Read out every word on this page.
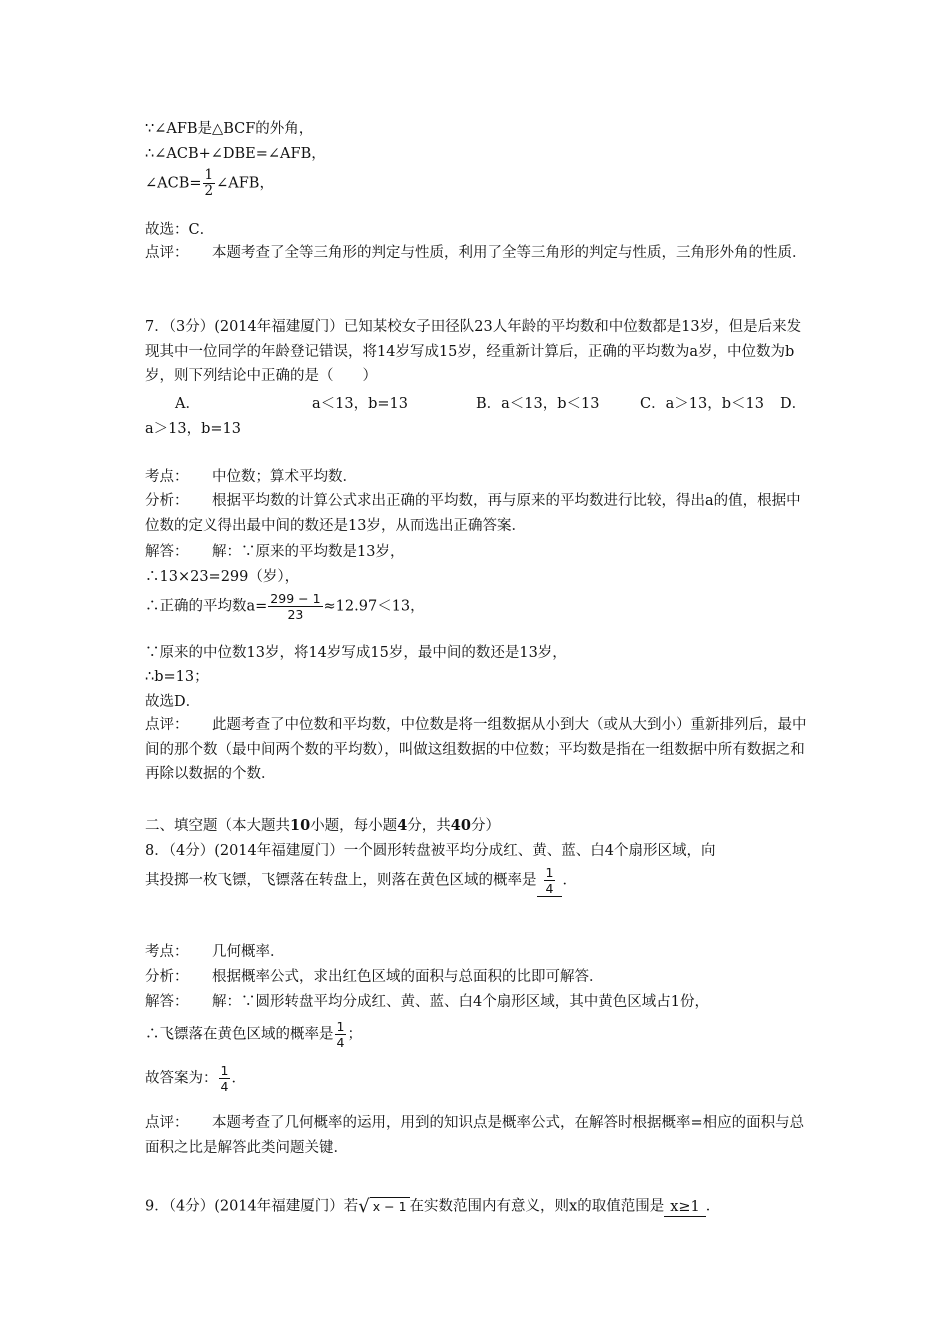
∵∠AFB是△BCF的外角，
∴∠ACB+∠DBE=∠AFB，
∠ACB= $\frac{1}{2}$ ∠AFB，
故选：C．
点评： 本题考查了全等三角形的判定与性质，利用了全等三角形的判定与性质，三角形外角的性质．
7．（3分）(2014年福建厦门）已知某校女子田径队23人年龄的平均数和中位数都是13岁，但是后来发现其中一位同学的年龄登记错误，将14岁写成15岁，经重新计算后，正确的平均数为a岁，中位数为b岁，则下列结论中正确的是（　　）
A．	a＜13，b=13	B．a＜13，b＜13	C．a＞13，b＜13 D．
a＞13，b=13
考点： 中位数；算术平均数．
分析： 根据平均数的计算公式求出正确的平均数，再与原来的平均数进行比较，得出a的值，根据中位数的定义得出最中间的数还是13岁，从而选出正确答案．
解答： 解：∵原来的平均数是13岁，
∴13×23=299（岁），
∴正确的平均数$a= \frac{299 - 1}{23} \approx 12.97<13$，
∵原来的中位数13岁，将14岁写成15岁，最中间的数还是13岁，
∴b=13；
故选D．
点评： 此题考查了中位数和平均数，中位数是将一组数据从小到大（或从大到小）重新排列后，最中间的那个数（最中间两个数的平均数），叫做这组数据的中位数；平均数是指在一组数据中所有数据之和再除以数据的个数．
二、填空题（本大题共10小题，每小题4分，共40分）
8．（4分）(2014年福建厦门）一个圆形转盘被平均分成红、黄、蓝、白4个扇形区域，向
其投掷一枚飞镖，飞镖落在转盘上，则落在黄色区域的概率是 $\frac{1}{4}$ ．
考点： 几何概率．
分析： 根据概率公式，求出红色区域的面积与总面积的比即可解答．
解答： 解：∵圆形转盘平均分成红、黄、蓝、白4个扇形区域，其中黄色区域占1份，
∴飞镖落在黄色区域的概率是 $\frac{1}{4}$ ；
故答案为： $\frac{1}{4}$ ．
点评： 本题考查了几何概率的运用，用到的知识点是概率公式，在解答时根据概率=相应的面积与总面积之比是解答此类问题关键．
9．（4分）(2014年福建厦门）若√ x − 1 在实数范围内有意义，则x的取值范围是 x≥1 ．
